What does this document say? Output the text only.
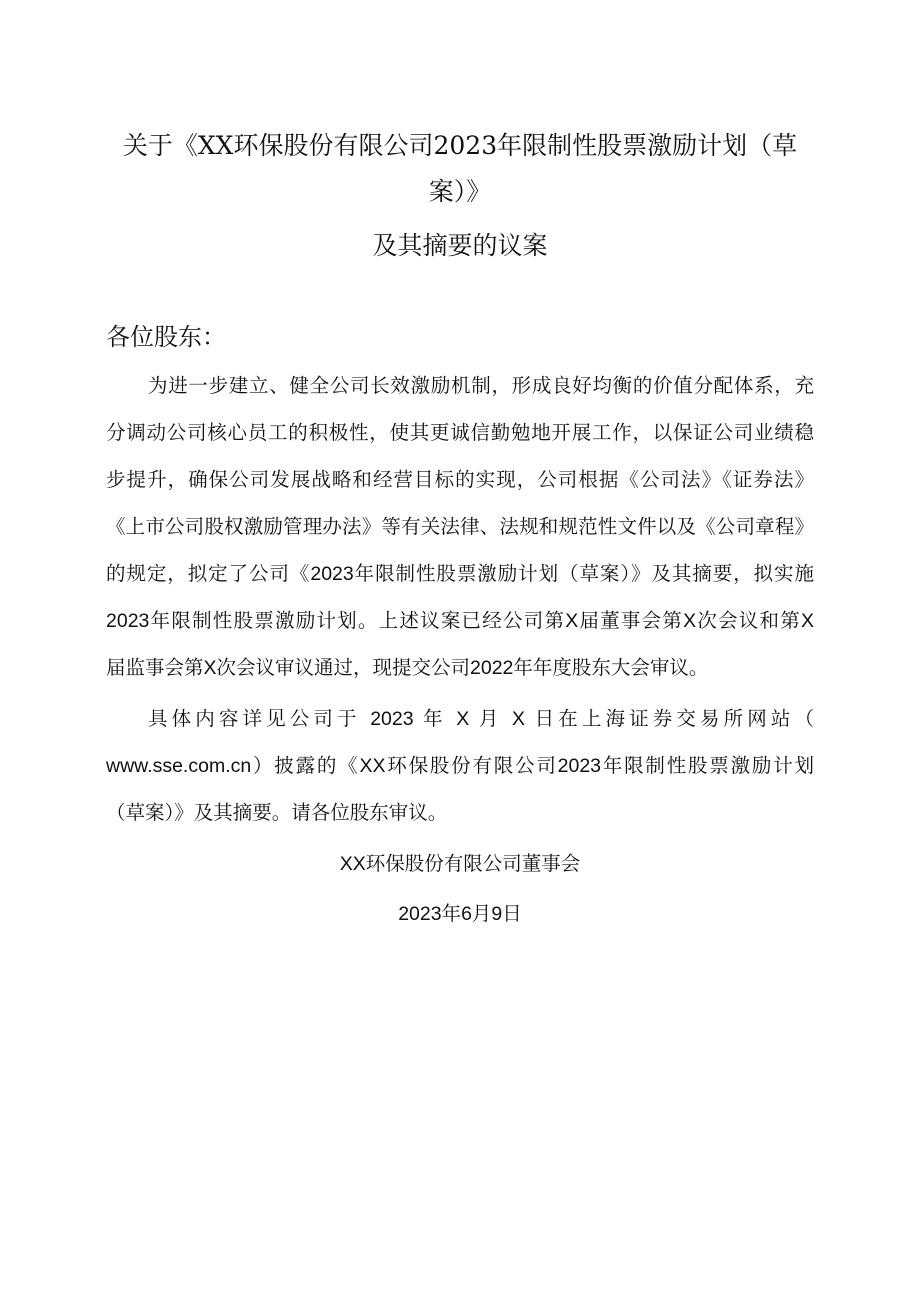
关于《XX环保股份有限公司2023年限制性股票激励计划（草
案）》
及其摘要的议案
各位股东：
为进一步建立、健全公司长效激励机制，形成良好均衡的价值分配体系，充
分调动公司核心员工的积极性，使其更诚信勤勉地开展工作，以保证公司业绩稳
步提升，确保公司发展战略和经营目标的实现，公司根据《公司法》《证券法》
《上市公司股权激励管理办法》等有关法律、法规和规范性文件以及《公司章程》
的规定，拟定了公司《2023年限制性股票激励计划（草案）》及其摘要，拟实施
2023年限制性股票激励计划。上述议案已经公司第X届董事会第X次会议和第X
届监事会第X次会议审议通过，现提交公司2022年年度股东大会审议。
具体内容详见公司于 2023 年 X 月 X 日在上海证券交易所网站（
www.sse.com.cn）披露的《XX环保股份有限公司2023年限制性股票激励计划
（草案）》及其摘要。请各位股东审议。
XX环保股份有限公司董事会
2023年6月9日
